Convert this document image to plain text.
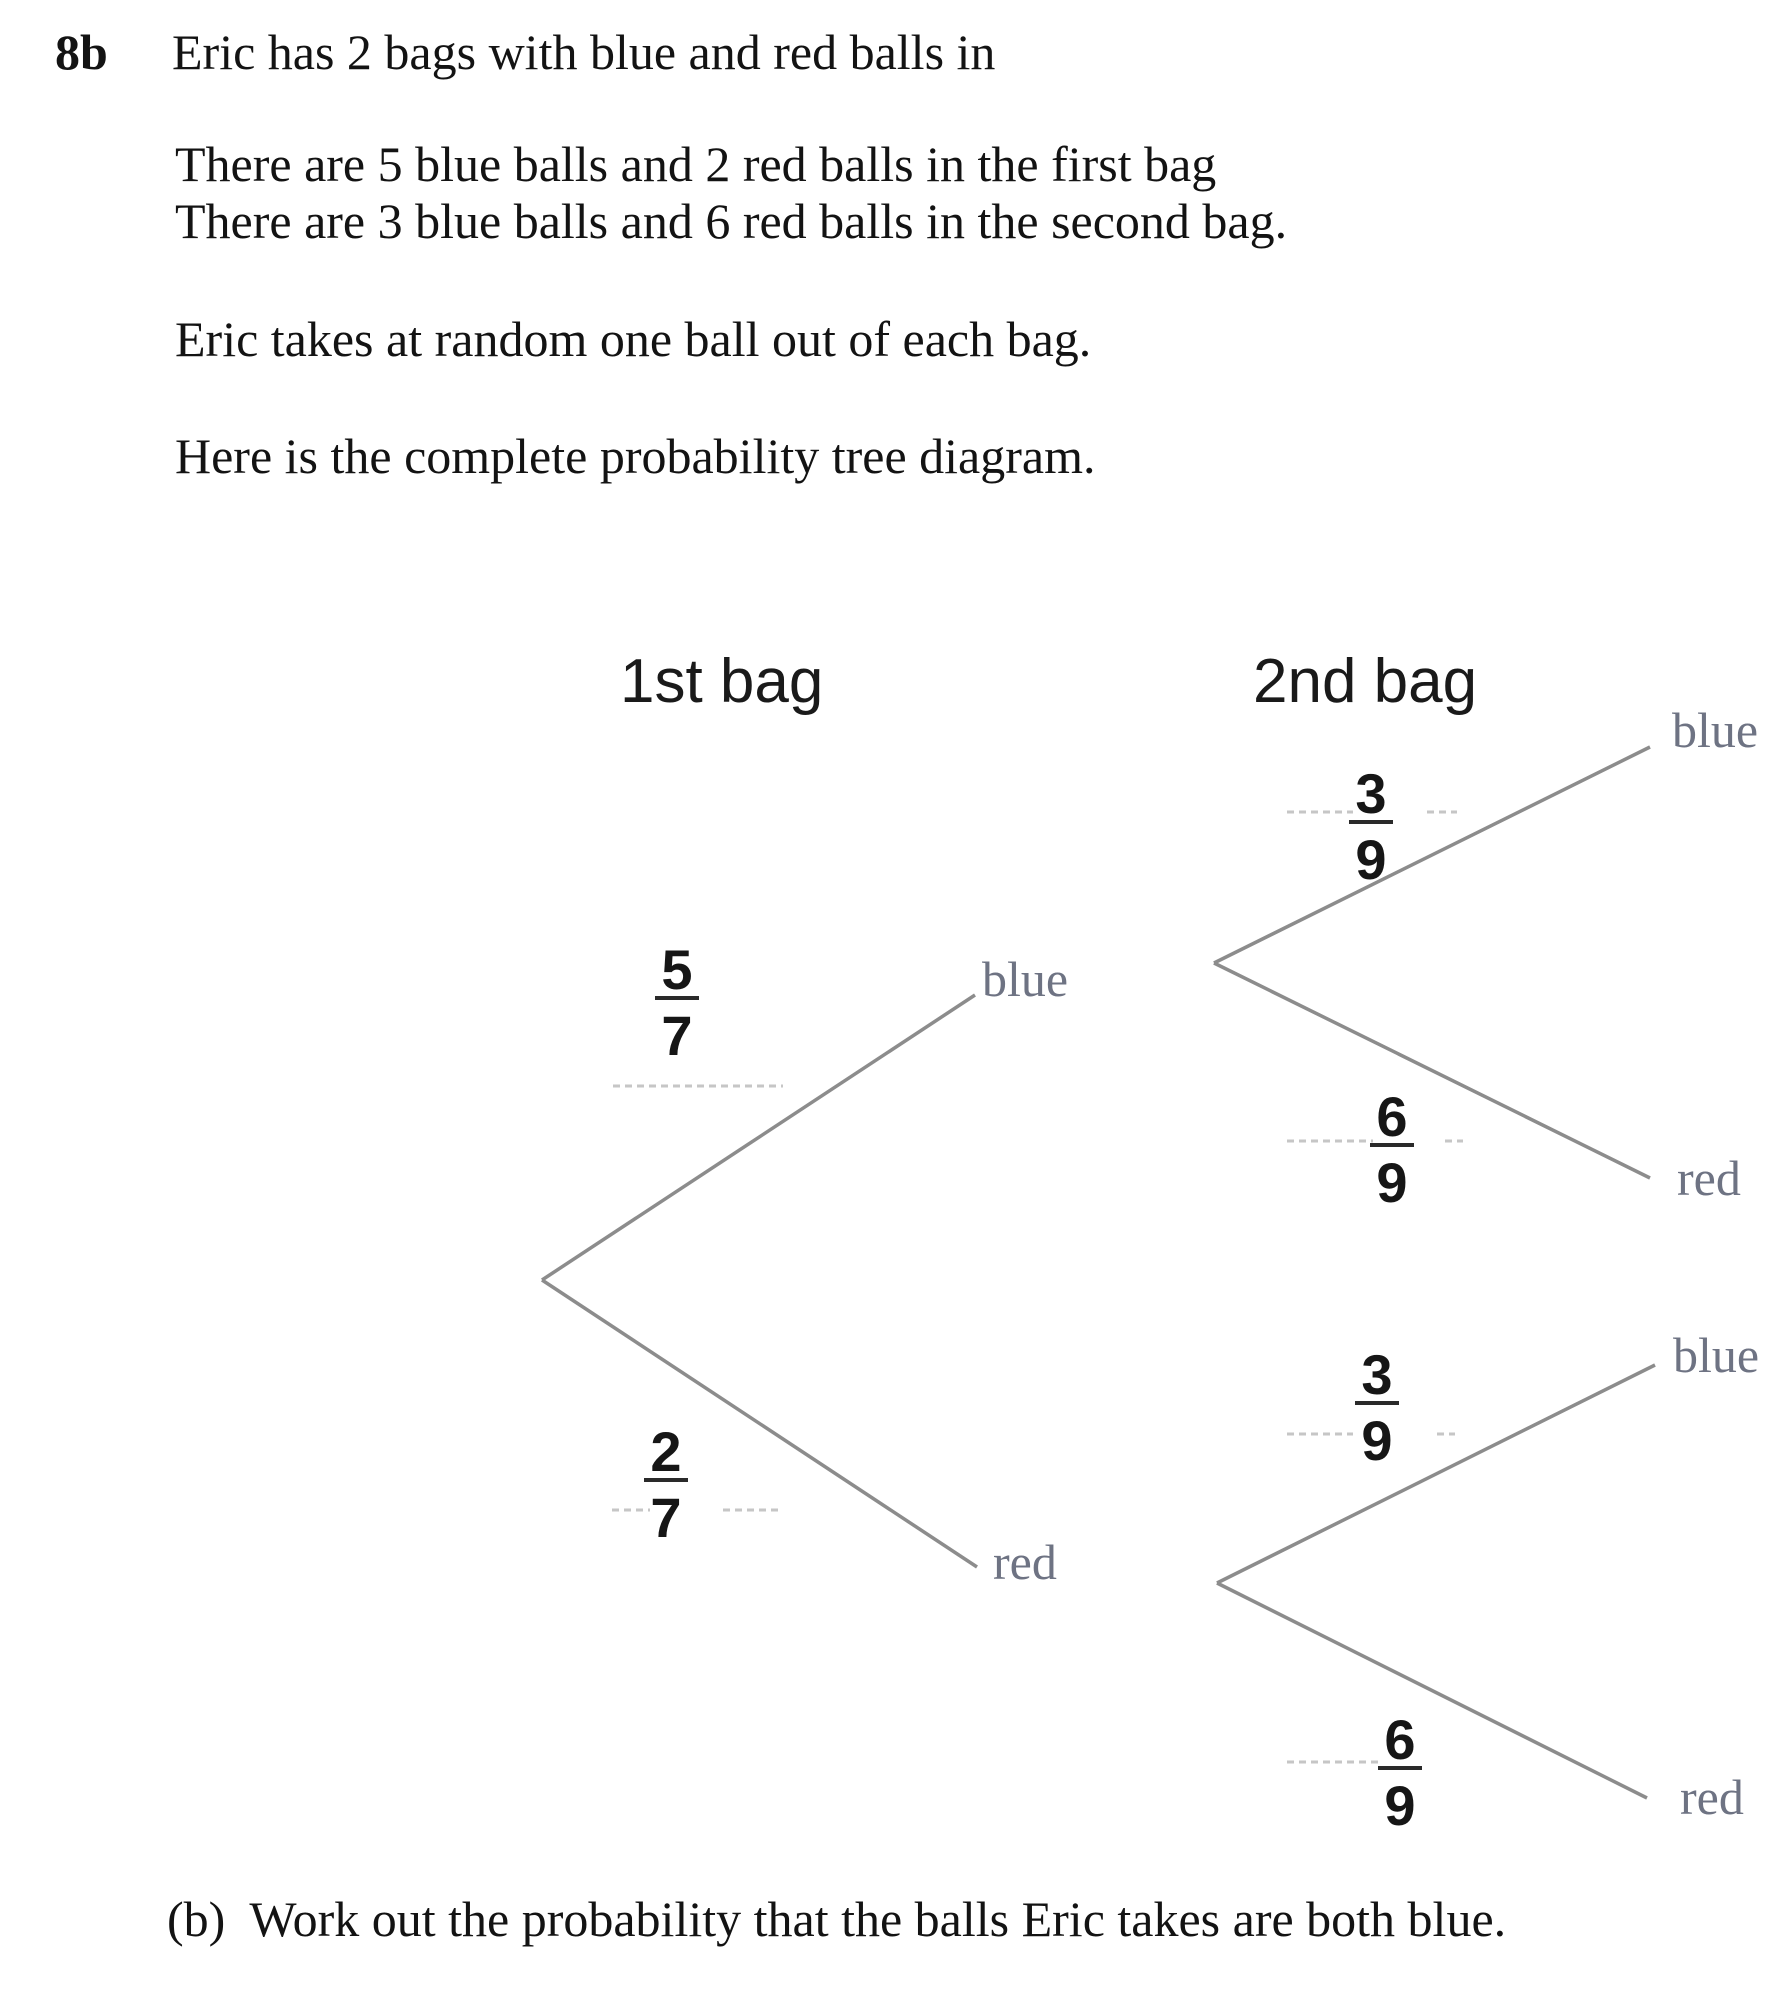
8b Eric has 2 bags with blue and red balls in
There are 5 blue balls and 2 red balls in the first bag
There are 3 blue balls and 6 red balls in the second bag.
Eric takes at random one ball out of each bag.
Here is the complete probability tree diagram.
1st bag	2nd bag
$\frac{5}{7}$
$\frac{2}{7}$
$\frac{3}{9}$
$\frac{6}{9}$
$\frac{3}{9}$
$\frac{6}{9}$
blue
red
blue
red
blue
red
(b)  Work out the probability that the balls Eric takes are both blue.
